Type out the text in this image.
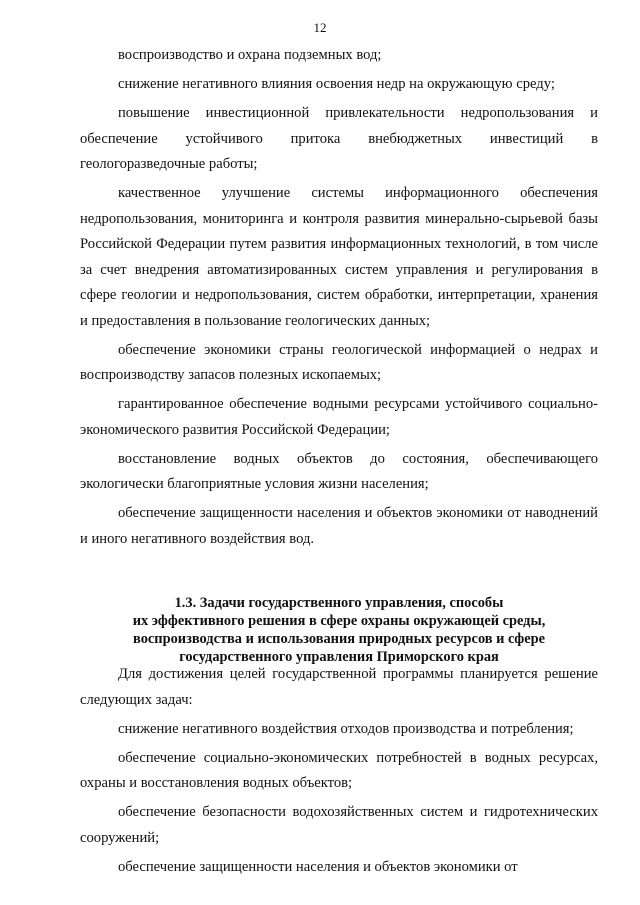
12

воспроизводство и охрана подземных вод;

снижение негативного влияния освоения недр на окружающую среду;

повышение инвестиционной привлекательности недропользования и обеспечение устойчивого притока внебюджетных инвестиций в геологоразведочные работы;

качественное улучшение системы информационного обеспечения недропользования, мониторинга и контроля развития минерально-сырьевой базы Российской Федерации путем развития информационных технологий, в том числе за счет внедрения автоматизированных систем управления и регулирования в сфере геологии и недропользования, систем обработки, интерпретации, хранения и предоставления в пользование геологических данных;

обеспечение экономики страны геологической информацией о недрах и воспроизводству запасов полезных ископаемых;

гарантированное обеспечение водными ресурсами устойчивого социально-экономического развития Российской Федерации;

восстановление водных объектов до состояния, обеспечивающего экологически благоприятные условия жизни населения;

обеспечение защищенности населения и объектов экономики от наводнений и иного негативного воздействия вод.

1.3. Задачи государственного управления, способы
их эффективного решения в сфере охраны окружающей среды,
воспроизводства и использования природных ресурсов и сфере
государственного управления Приморского края

Для достижения целей государственной программы планируется решение следующих задач:

снижение негативного воздействия отходов производства и потребления;

обеспечение социально-экономических потребностей в водных ресурсах, охраны и восстановления водных объектов;

обеспечение безопасности водохозяйственных систем и гидротехнических сооружений;

обеспечение защищенности населения и объектов экономики от
